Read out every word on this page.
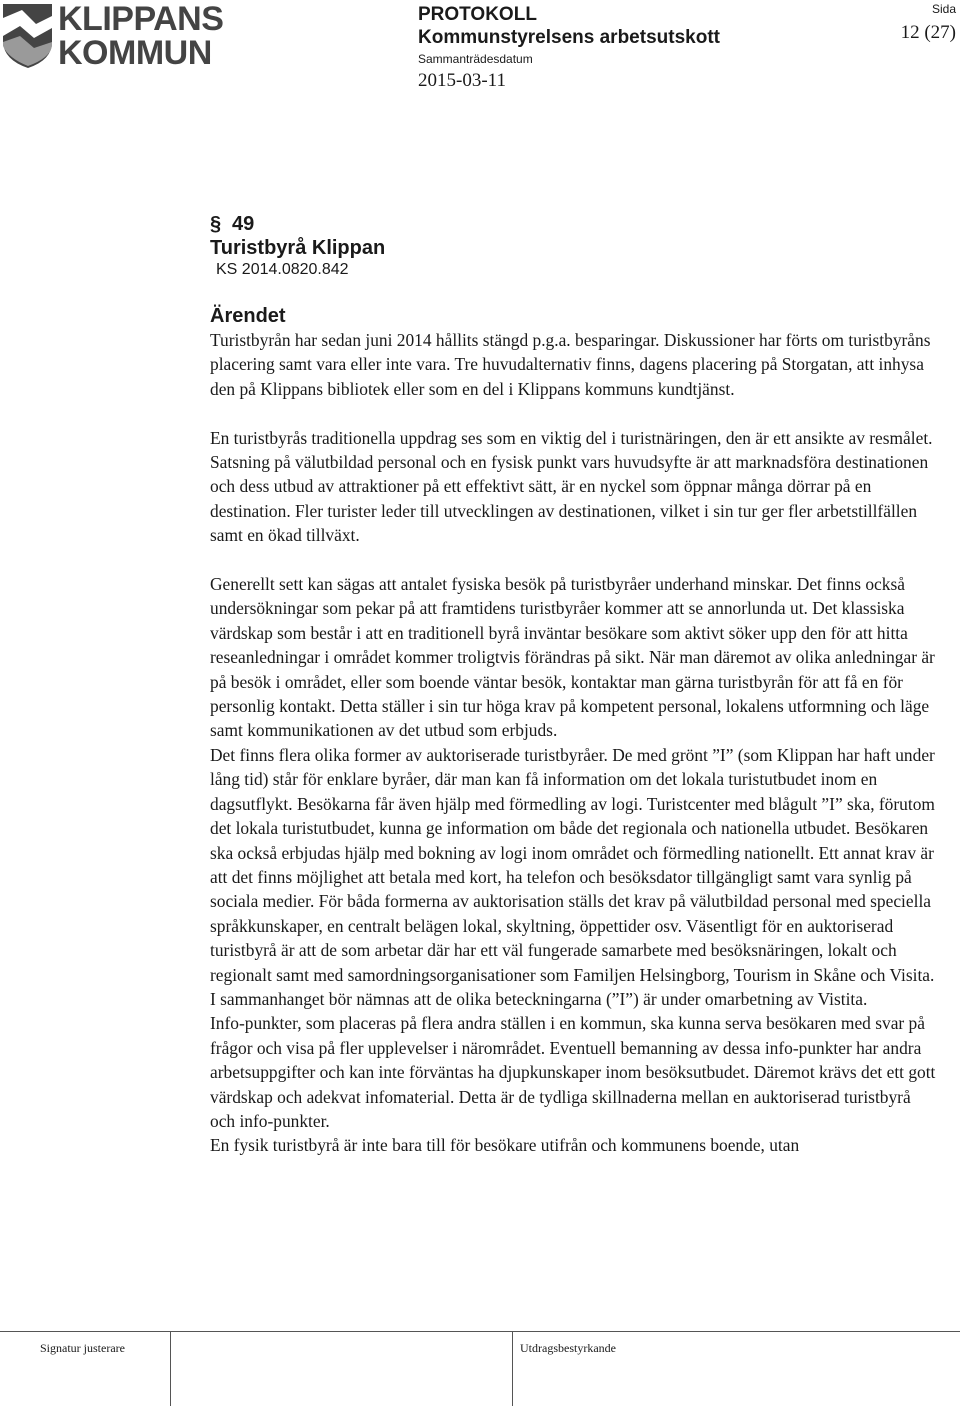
KLIPPANS
KOMMUN
PROTOKOLL
Kommunstyrelsens arbetsutskott
Sammanträdesdatum
2015-03-11
Sida
12 (27)
§ 49
Turistbyrå Klippan
KS 2014.0820.842
Ärendet

Turistbyrån har sedan juni 2014 hållits stängd p.g.a. besparingar. Diskussioner har förts om turistbyråns placering samt vara eller inte vara. Tre huvudalternativ finns, dagens placering på Storgatan, att inhysa den på Klippans bibliotek eller som en del i Klippans kommuns kundtjänst.

En turistbyrås traditionella uppdrag ses som en viktig del i turistnäringen, den är ett ansikte av resmålet. Satsning på välutbildad personal och en fysisk punkt vars huvudsyfte är att marknadsföra destinationen och dess utbud av attraktioner på ett effektivt sätt, är en nyckel som öppnar många dörrar på en destination. Fler turister leder till utvecklingen av destinationen, vilket i sin tur ger fler arbetstillfällen samt en ökad tillväxt.

Generellt sett kan sägas att antalet fysiska besök på turistbyråer underhand minskar. Det finns också undersökningar som pekar på att framtidens turistbyråer kommer att se annorlunda ut. Det klassiska värdskap som består i att en traditionell byrå inväntar besökare som aktivt söker upp den för att hitta reseanledningar i området kommer troligtvis förändras på sikt. När man däremot av olika anledningar är på besök i området, eller som boende väntar besök, kontaktar man gärna turistbyrån för att få en för personlig kontakt. Detta ställer i sin tur höga krav på kompetent personal, lokalens utformning och läge samt kommunikationen av det utbud som erbjuds.

Det finns flera olika former av auktoriserade turistbyråer. De med grönt ”I” (som Klippan har haft under lång tid) står för enklare byråer, där man kan få information om det lokala turistutbudet inom en dagsutflykt. Besökarna får även hjälp med förmedling av logi. Turistcenter med blågult ”I” ska, förutom det lokala turistutbudet, kunna ge information om både det regionala och nationella utbudet. Besökaren ska också erbjudas hjälp med bokning av logi inom området och förmedling nationellt. Ett annat krav är att det finns möjlighet att betala med kort, ha telefon och besöksdator tillgängligt samt vara synlig på sociala medier. För båda formerna av auktorisation ställs det krav på välutbildad personal med speciella språkkunskaper, en centralt belägen lokal, skyltning, öppettider osv. Väsentligt för en auktoriserad turistbyrå är att de som arbetar där har ett väl fungerade samarbete med besöksnäringen, lokalt och regionalt samt med samordningsorganisationer som Familjen Helsingborg, Tourism in Skåne och Visita. I sammanhanget bör nämnas att de olika beteckningarna (”I”) är under omarbetning av Vistita.

Info-punkter, som placeras på flera andra ställen i en kommun, ska kunna serva besökaren med svar på frågor och visa på fler upplevelser i närområdet. Eventuell bemanning av dessa info-punkter har andra arbetsuppgifter och kan inte förväntas ha djupkunskaper inom besöksutbudet. Däremot krävs det ett gott värdskap och adekvat infomaterial. Detta är de tydliga skillnaderna mellan en auktoriserad turistbyrå och info-punkter.

En fysik turistbyrå är inte bara till för besökare utifrån och kommunens boende, utan

Signatur justerare	Utdragsbestyrkande
